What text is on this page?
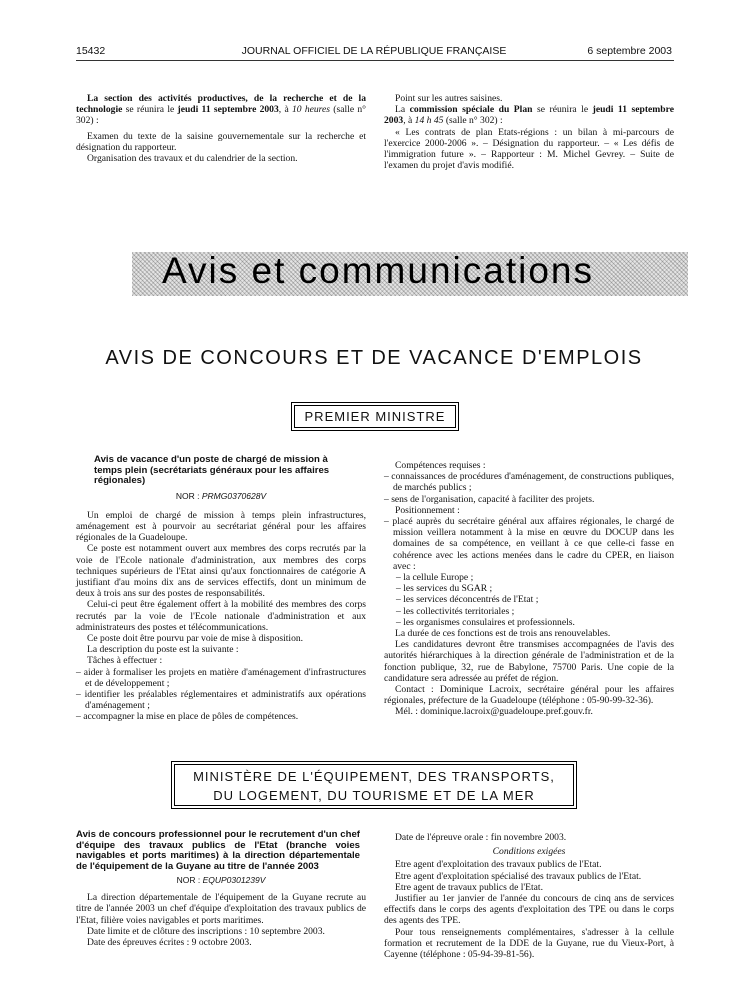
15432	JOURNAL OFFICIEL DE LA RÉPUBLIQUE FRANÇAISE	6 septembre 2003

La section des activités productives, de la recherche et de la technologie se réunira le jeudi 11 septembre 2003, à 10 heures (salle n° 302) :

Examen du texte de la saisine gouvernementale sur la recherche et désignation du rapporteur.

Organisation des travaux et du calendrier de la section.

Point sur les autres saisines.

La commission spéciale du Plan se réunira le jeudi 11 septembre 2003, à 14 h 45 (salle n° 302) :

« Les contrats de plan Etats-régions : un bilan à mi-parcours de l'exercice 2000-2006 ». – Désignation du rapporteur. – « Les défis de l'immigration future ». – Rapporteur : M. Michel Gevrey. – Suite de l'examen du projet d'avis modifié.

Avis et communications
AVIS DE CONCOURS ET DE VACANCE D'EMPLOIS
PREMIER MINISTRE
Avis de vacance d'un poste de chargé de mission à temps plein (secrétariats généraux pour les affaires régionales)
NOR : PRMG0370628V

Un emploi de chargé de mission à temps plein infrastructures, aménagement est à pourvoir au secrétariat général pour les affaires régionales de la Guadeloupe.

Ce poste est notamment ouvert aux membres des corps recrutés par la voie de l'Ecole nationale d'administration, aux membres des corps techniques supérieurs de l'Etat ainsi qu'aux fonctionnaires de catégorie A justifiant d'au moins dix ans de services effectifs, dont un minimum de deux à trois ans sur des postes de responsabilités.

Celui-ci peut être également offert à la mobilité des membres des corps recrutés par la voie de l'Ecole nationale d'administration et aux administrateurs des postes et télécommunications.

Ce poste doit être pourvu par voie de mise à disposition.

La description du poste est la suivante :

Tâches à effectuer :

– aider à formaliser les projets en matière d'aménagement d'infrastructures et de développement ;

– identifier les préalables réglementaires et administratifs aux opérations d'aménagement ;

– accompagner la mise en place de pôles de compétences.

Compétences requises :

– connaissances de procédures d'aménagement, de constructions publiques, de marchés publics ;

– sens de l'organisation, capacité à faciliter des projets.

Positionnement :

– placé auprès du secrétaire général aux affaires régionales, le chargé de mission veillera notamment à la mise en œuvre du DOCUP dans les domaines de sa compétence, en veillant à ce que celle-ci fasse en cohérence avec les actions menées dans le cadre du CPER, en liaison avec :

– la cellule Europe ;

– les services du SGAR ;

– les services déconcentrés de l'Etat ;

– les collectivités territoriales ;

– les organismes consulaires et professionnels.

La durée de ces fonctions est de trois ans renouvelables.

Les candidatures devront être transmises accompagnées de l'avis des autorités hiérarchiques à la direction générale de l'administration et de la fonction publique, 32, rue de Babylone, 75700 Paris. Une copie de la candidature sera adressée au préfet de région.

Contact : Dominique Lacroix, secrétaire général pour les affaires régionales, préfecture de la Guadeloupe (téléphone : 05-90-99-32-36).

Mél. : dominique.lacroix@guadeloupe.pref.gouv.fr.

MINISTÈRE DE L'ÉQUIPEMENT, DES TRANSPORTS,
DU LOGEMENT, DU TOURISME ET DE LA MER
Avis de concours professionnel pour le recrutement d'un chef d'équipe des travaux publics de l'Etat (branche voies navigables et ports maritimes) à la direction départementale de l'équipement de la Guyane au titre de l'année 2003
NOR : EQUP0301239V

La direction départementale de l'équipement de la Guyane recrute au titre de l'année 2003 un chef d'équipe d'exploitation des travaux publics de l'Etat, filière voies navigables et ports maritimes.

Date limite et de clôture des inscriptions : 10 septembre 2003.

Date des épreuves écrites : 9 octobre 2003.

Date de l'épreuve orale : fin novembre 2003.

Conditions exigées

Etre agent d'exploitation des travaux publics de l'Etat.

Etre agent d'exploitation spécialisé des travaux publics de l'Etat.

Etre agent de travaux publics de l'Etat.

Justifier au 1er janvier de l'année du concours de cinq ans de services effectifs dans le corps des agents d'exploitation des TPE ou dans le corps des agents des TPE.

Pour tous renseignements complémentaires, s'adresser à la cellule formation et recrutement de la DDE de la Guyane, rue du Vieux-Port, à Cayenne (téléphone : 05-94-39-81-56).
